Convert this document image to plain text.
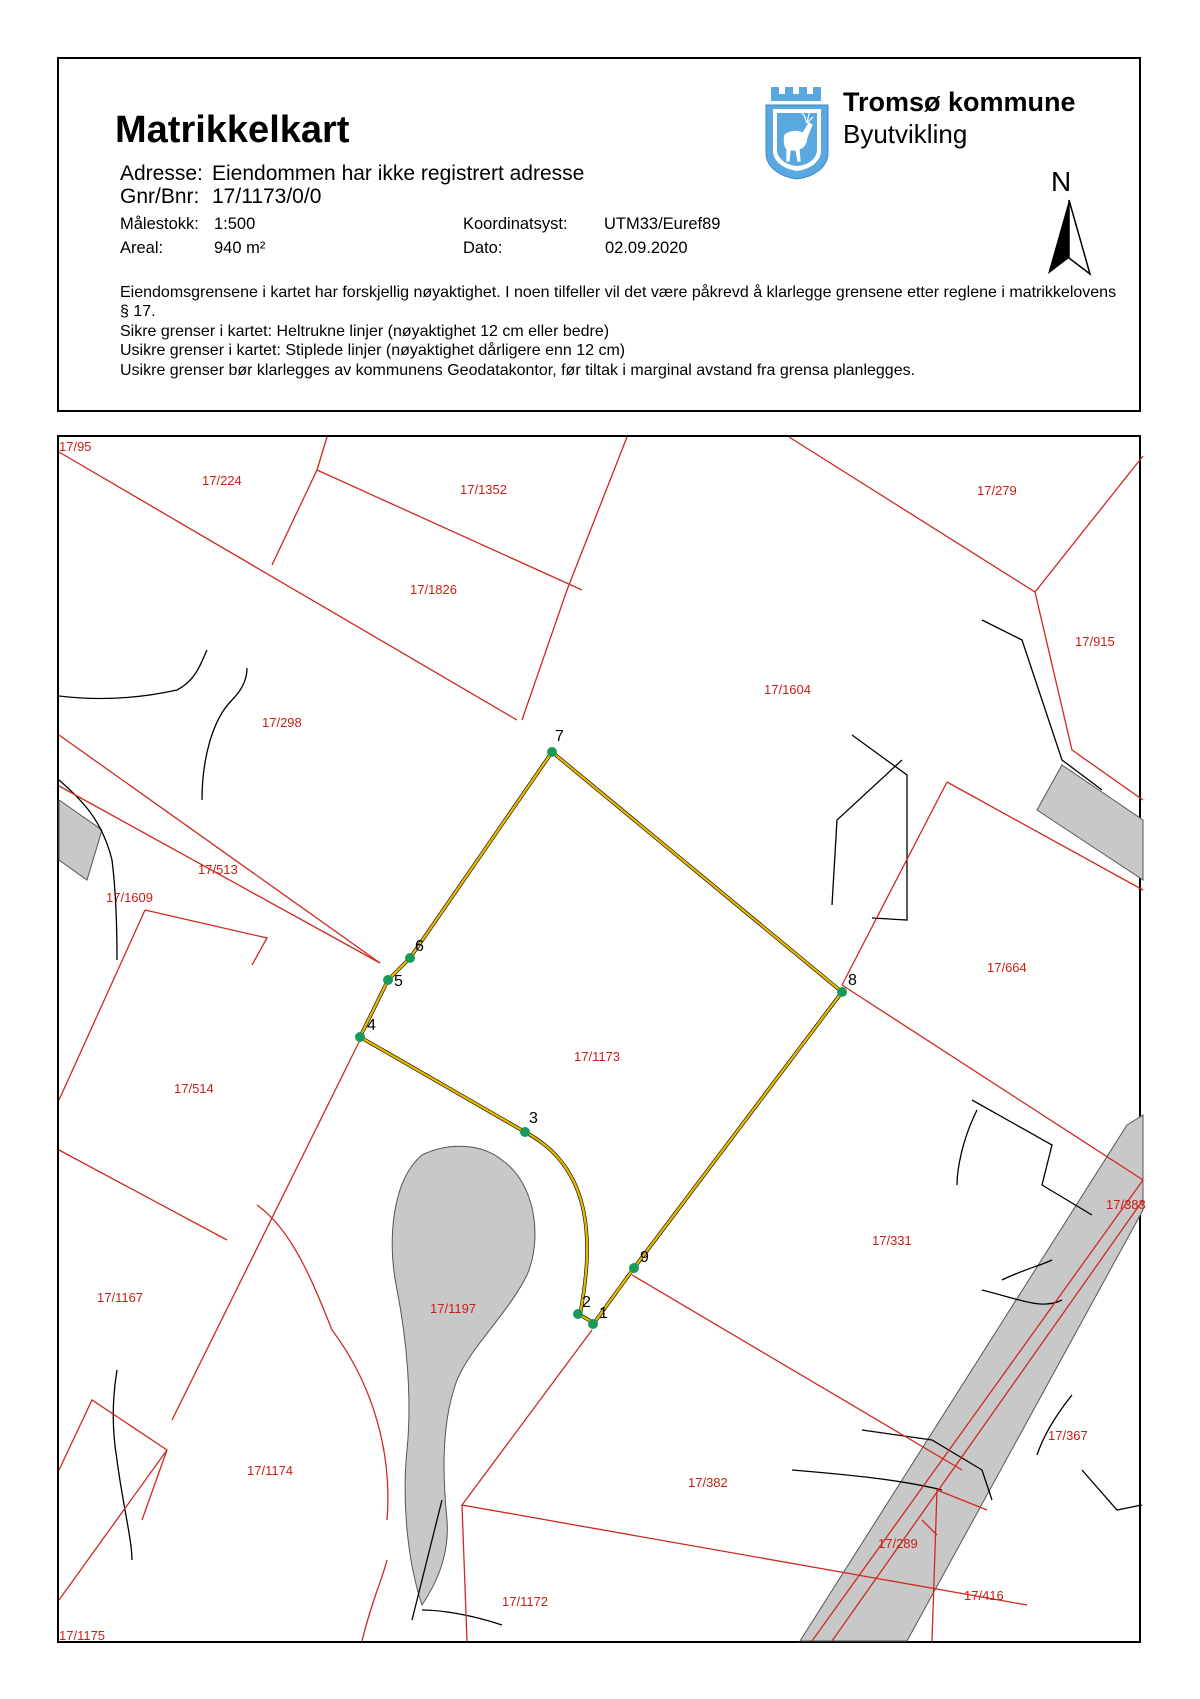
Matrikkelkart
Adresse: Eiendommen har ikke registrert adresse
Gnr/Bnr: 17/1173/0/0
Målestokk: 1:500
Areal:	940 m²
Koordinatsyst: UTM33/Euref89
Dato:	02.09.2020
Eiendomsgrensene i kartet har forskjellig nøyaktighet. I noen tilfeller vil det være påkrevd å klarlegge grensene etter reglene i matrikkelovens § 17.
Sikre grenser i kartet: Heltrukne linjer (nøyaktighet 12 cm eller bedre)
Usikre grenser i kartet: Stiplede linjer (nøyaktighet dårligere enn 12 cm)
Usikre grenser bør klarlegges av kommunens Geodatakontor, før tiltak i marginal avstand fra grensa planlegges.
Tromsø kommune
Byutvikling
N
7
6
5
4
3
2
1
9
8
17/95
17/224
17/1352	17/279
17/1826
17/915
17/298
17/1604
17/513
17/1609
17/664
17/1173
17/514
17/383
17/331
17/1167
17/1197
17/367
17/1174
17/382
17/289
17/416
17/1172
17/1175
